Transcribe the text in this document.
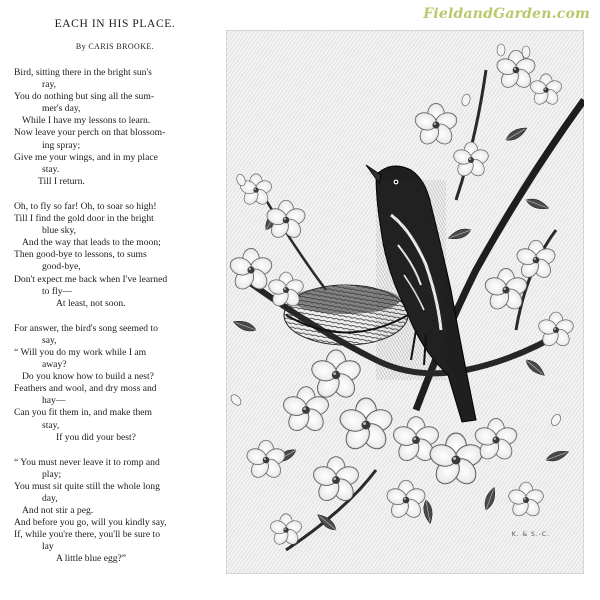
FieldandGarden.com
EACH IN HIS PLACE.
By CARIS BROOKE.
Bird, sitting there in the bright sun's
ray,
You do nothing but sing all the sum-
mer's day,
While I have my lessons to learn.
Now leave your perch on that blossom-
ing spray;
Give me your wings, and in my place
stay.
Till I return.
Oh, to fly so far! Oh, to soar so high!
Till I find the gold door in the bright
blue sky,
And the way that leads to the moon;
Then good-bye to lessons, to sums
good-bye,
Don't expect me back when I've learned
to fly—
At least, not soon.
For answer, the bird's song seemed to
say,
“ Will you do my work while I am
away?
Do you know how to build a nest?
Feathers and wool, and dry moss and
hay—
Can you fit them in, and make them
stay,
If you did your best?
“ You must never leave it to romp and
play;
You must sit quite still the whole long
day,
And not stir a peg.
And before you go, will you kindly say,
If, while you're there, you'll be sure to
lay
A little blue egg?”
K. & S.-C.
